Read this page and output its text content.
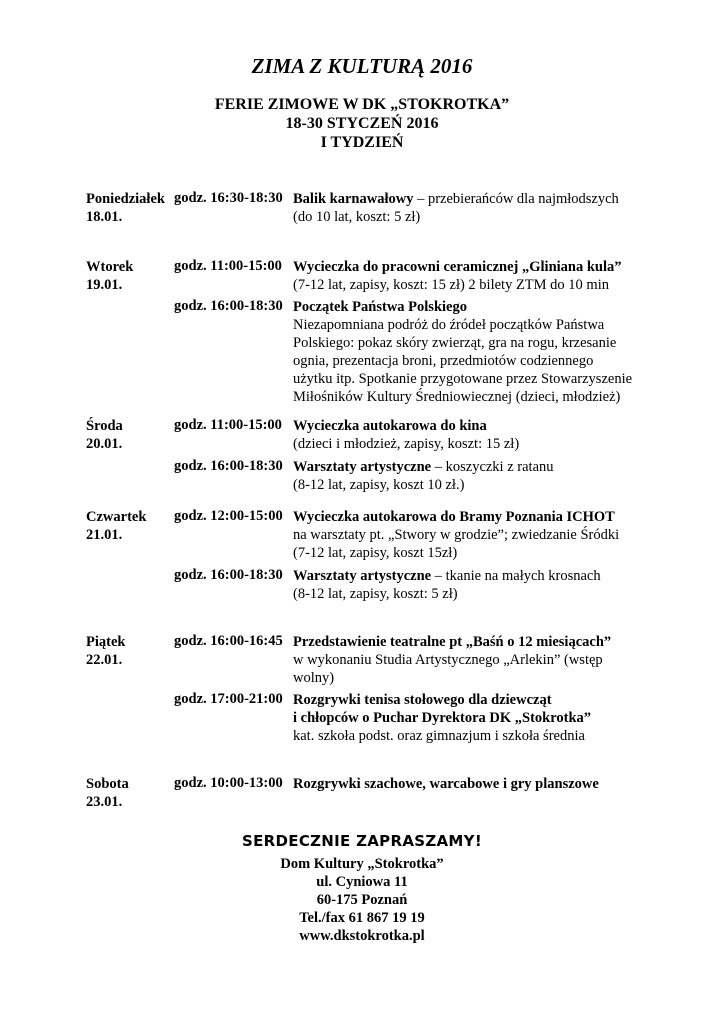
ZIMA Z KULTURĄ 2016
FERIE ZIMOWE W DK „STOKROTKA”
18-30 STYCZEŃ 2016
I TYDZIEŃ
Poniedziałek
18.01.
godz. 16:30-18:30 Balik karnawałowy – przebierańców dla najmłodszych
(do 10 lat, koszt: 5 zł)
Wtorek
19.01.
godz. 11:00-15:00 Wycieczka do pracowni ceramicznej „Gliniana kula”
(7-12 lat, zapisy, koszt: 15 zł) 2 bilety ZTM do 10 min
godz. 16:00-18:30 Początek Państwa Polskiego
Niezapomniana podróż do źródeł początków Państwa
Polskiego: pokaz skóry zwierząt, gra na rogu, krzesanie
ognia, prezentacja broni, przedmiotów codziennego
użytku itp. Spotkanie przygotowane przez Stowarzyszenie
Miłośników Kultury Średniowiecznej (dzieci, młodzież)
Środa
20.01.
godz. 11:00-15:00 Wycieczka autokarowa do kina
(dzieci i młodzież, zapisy, koszt: 15 zł)
godz. 16:00-18:30 Warsztaty artystyczne – koszyczki z ratanu
(8-12 lat, zapisy, koszt 10 zł.)
Czwartek
21.01.
godz. 12:00-15:00 Wycieczka autokarowa do Bramy Poznania ICHOT
na warsztaty pt. „Stwory w grodzie”; zwiedzanie Śródki
(7-12 lat, zapisy, koszt 15zł)
godz. 16:00-18:30 Warsztaty artystyczne – tkanie na małych krosnach
(8-12 lat, zapisy, koszt: 5 zł)
Piątek
22.01.
godz. 16:00-16:45 Przedstawienie teatralne pt „Baśń o 12 miesiącach”
w wykonaniu Studia Artystycznego „Arlekin” (wstęp
wolny)
godz. 17:00-21:00 Rozgrywki tenisa stołowego dla dziewcząt
i chłopców o Puchar Dyrektora DK „Stokrotka”
kat. szkoła podst. oraz gimnazjum i szkoła średnia
Sobota
23.01.
godz. 10:00-13:00 Rozgrywki szachowe, warcabowe i gry planszowe
SERDECZNIE ZAPRASZAMY!
Dom Kultury „Stokrotka”
ul. Cyniowa 11
60-175 Poznań
Tel./fax 61 867 19 19
www.dkstokrotka.pl
